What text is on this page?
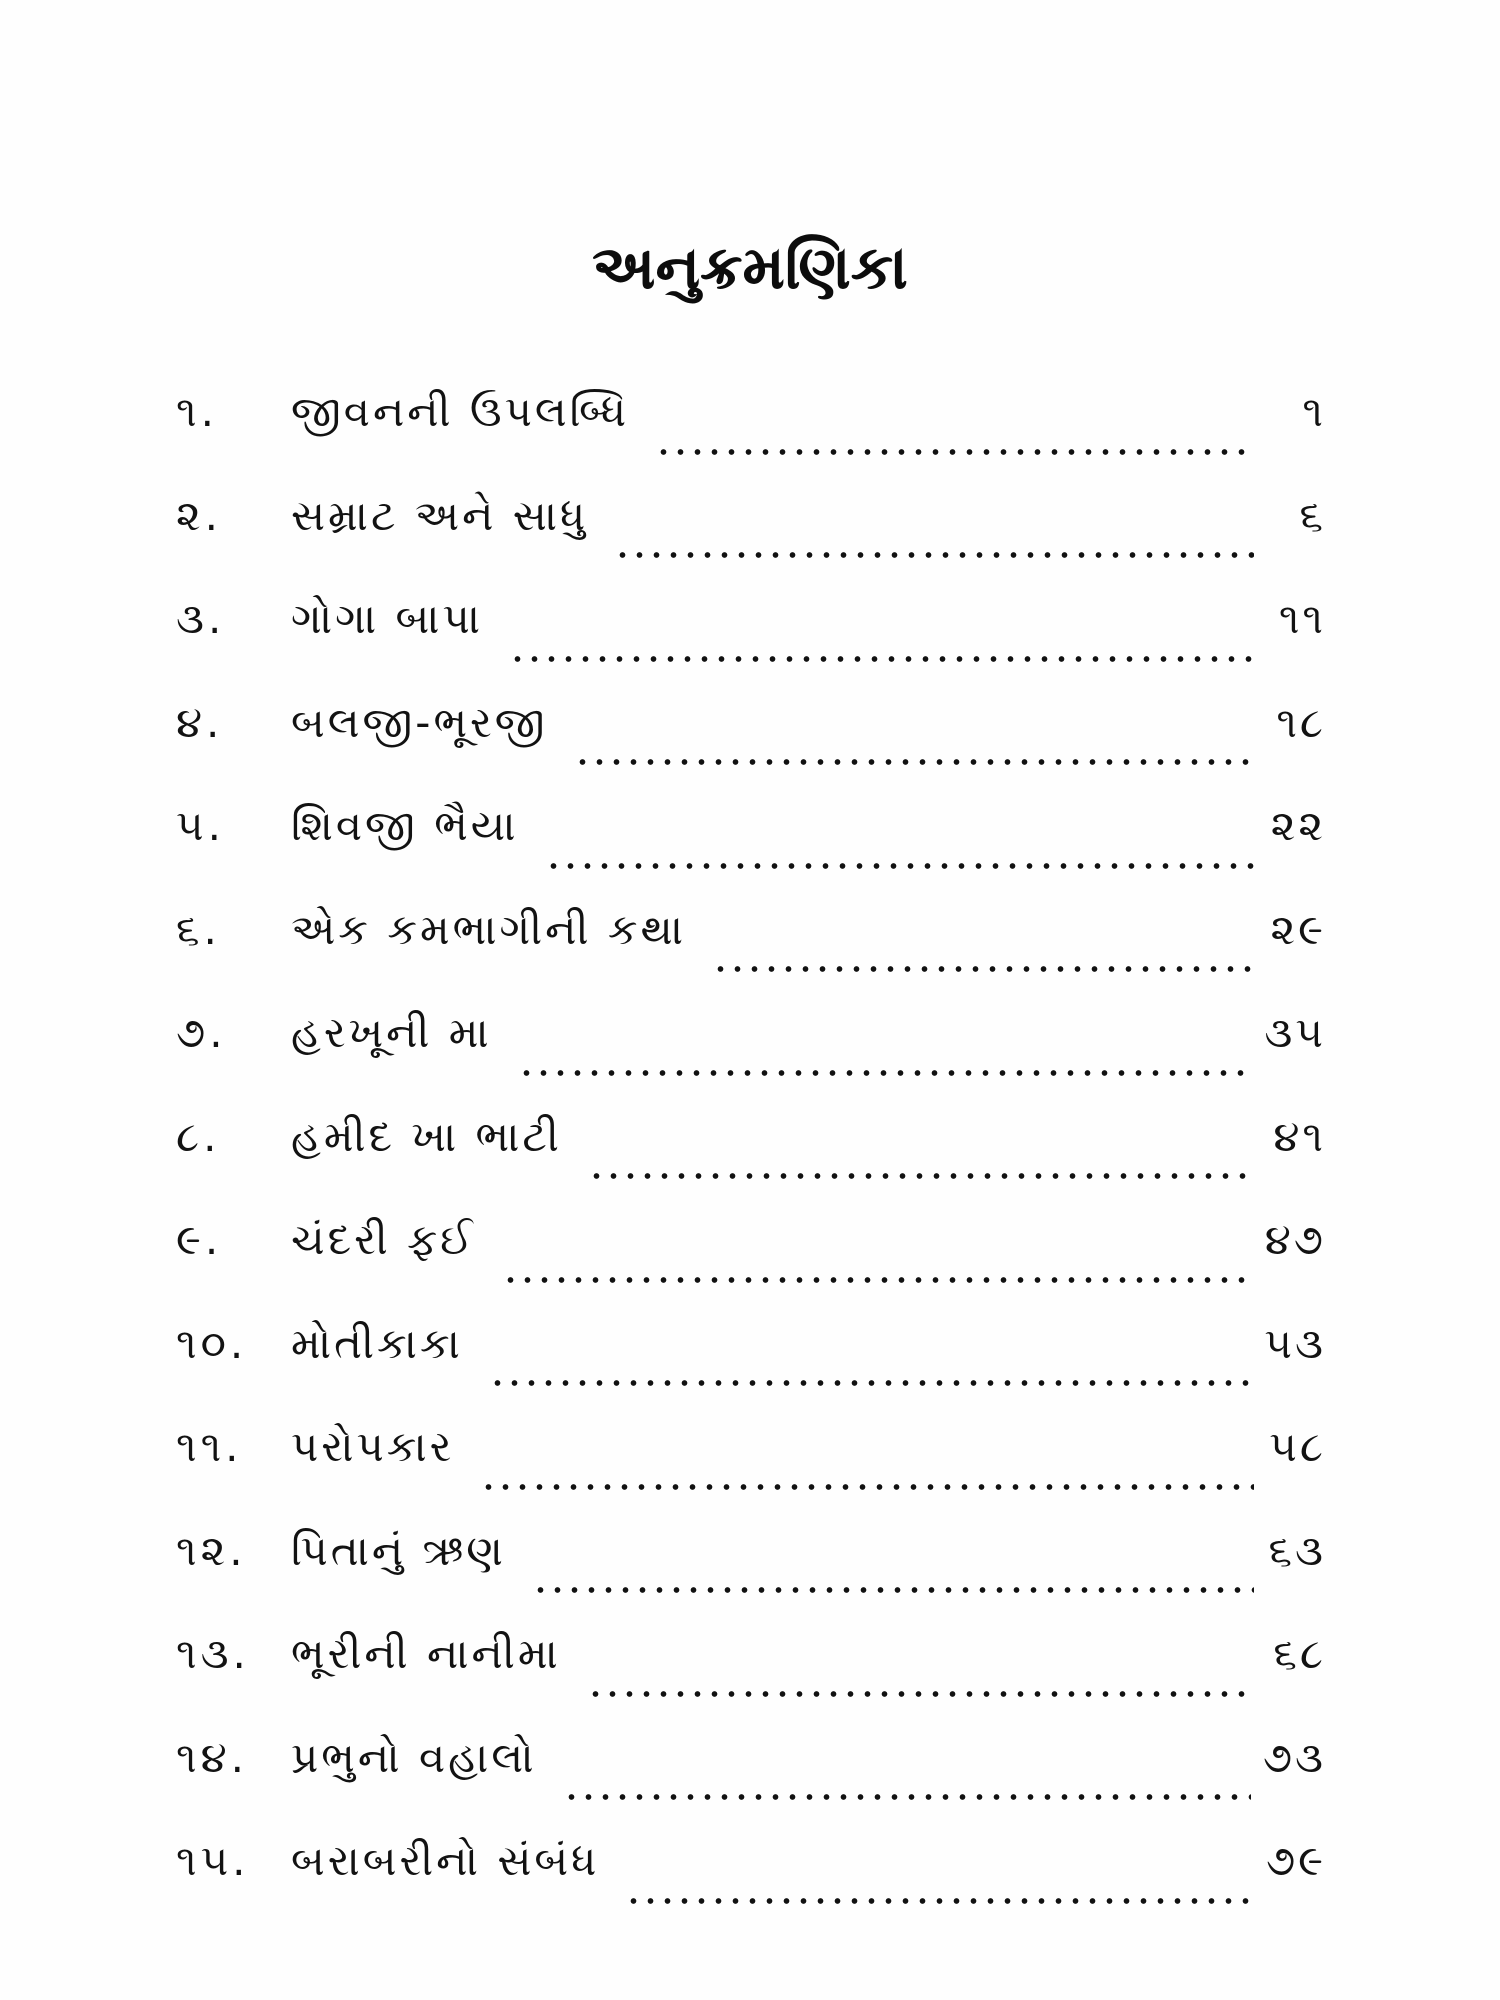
અનુક્રમણિકા
૧.	જીવનની ઉપલબ્ધિ	૧
૨.	સમ્રાટ અને સાધુ	૬
૩.	ગોગા બાપા	૧૧
૪.	બલજી-ભૂરજી	૧૮
૫.	શિવજી ભૈયા	૨૨
૬.	એક કમભાગીની કથા	૨૯
૭.	હરખૂની મા	૩૫
૮.	હમીદ ખા ભાટી	૪૧
૯.	ચંદરી ફઈ	૪૭
૧૦.	મોતીકાકા	૫૩
૧૧.	પરોપકાર	૫૮
૧૨.	પિતાનું ઋણ	૬૩
૧૩. ભૂરીની નાનીમા	૬૮
૧૪.	પ્રભુનો વહાલો	૭૩
૧૫. બરાબરીનો સંબંધ	૭૯
